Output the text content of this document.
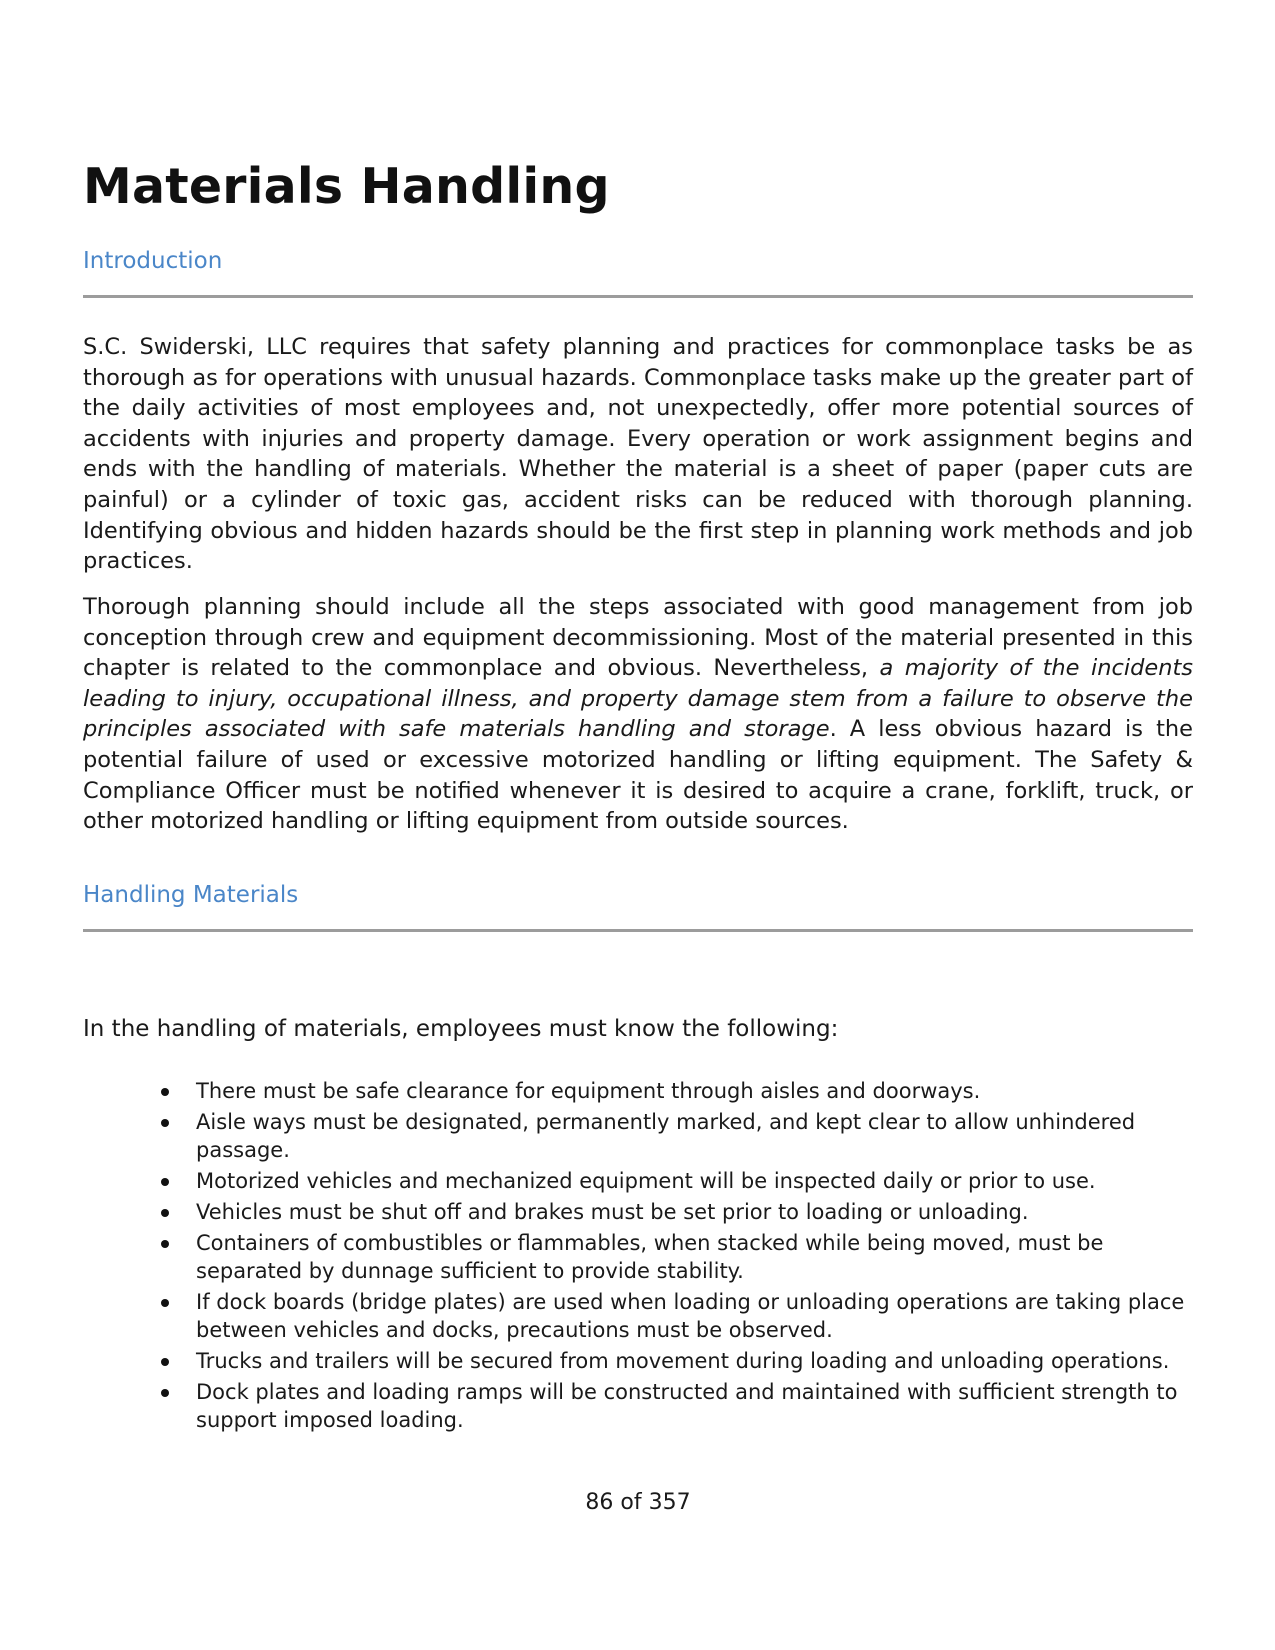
Materials Handling
Introduction

S.C. Swiderski, LLC requires that safety planning and practices for commonplace tasks be as thorough as for operations with unusual hazards. Commonplace tasks make up the greater part of the daily activities of most employees and, not unexpectedly, offer more potential sources of accidents with injuries and property damage. Every operation or work assignment begins and ends with the handling of materials. Whether the material is a sheet of paper (paper cuts are painful) or a cylinder of toxic gas, accident risks can be reduced with thorough planning. Identifying obvious and hidden hazards should be the first step in planning work methods and job practices.

Thorough planning should include all the steps associated with good management from job conception through crew and equipment decommissioning. Most of the material presented in this chapter is related to the commonplace and obvious. Nevertheless, a majority of the incidents leading to injury, occupational illness, and property damage stem from a failure to observe the principles associated with safe materials handling and storage. A less obvious hazard is the potential failure of used or excessive motorized handling or lifting equipment. The Safety & Compliance Officer must be notified whenever it is desired to acquire a crane, forklift, truck, or other motorized handling or lifting equipment from outside sources.

Handling Materials

In the handling of materials, employees must know the following:

There must be safe clearance for equipment through aisles and doorways.
Aisle ways must be designated, permanently marked, and kept clear to allow unhindered passage.
Motorized vehicles and mechanized equipment will be inspected daily or prior to use.
Vehicles must be shut off and brakes must be set prior to loading or unloading.
Containers of combustibles or flammables, when stacked while being moved, must be separated by dunnage sufficient to provide stability.
If dock boards (bridge plates) are used when loading or unloading operations are taking place between vehicles and docks, precautions must be observed.
Trucks and trailers will be secured from movement during loading and unloading operations.
Dock plates and loading ramps will be constructed and maintained with sufficient strength to support imposed loading.

86 of 357
